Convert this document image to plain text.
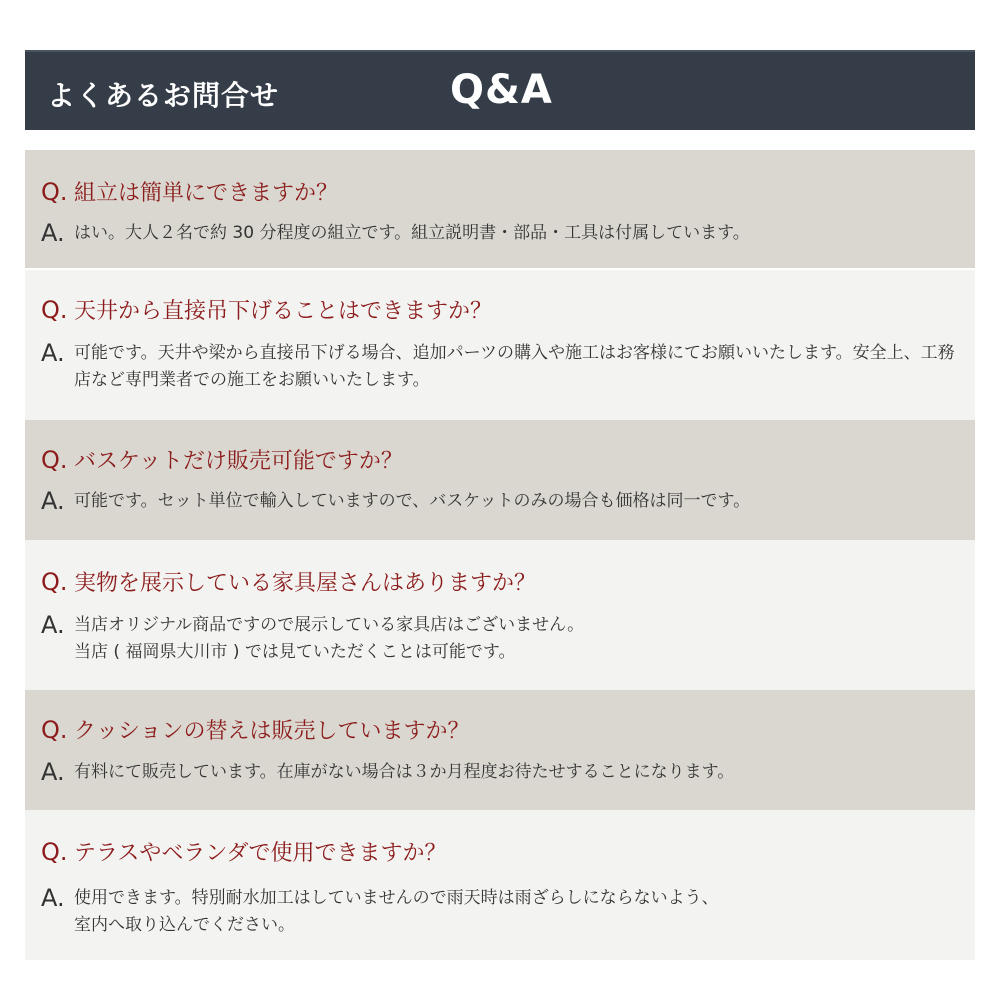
よくあるお問合せ	Q&A
Q. 組立は簡単にできますか？
A. はい。大人２名で約 30 分程度の組立です。組立説明書・部品・工具は付属しています。
Q. 天井から直接吊下げることはできますか？
A. 可能です。天井や梁から直接吊下げる場合、追加パーツの購入や施工はお客様にてお願いいたします。安全上、工務店など専門業者での施工をお願いいたします。
Q. バスケットだけ販売可能ですか？
A. 可能です。セット単位で輸入していますので、バスケットのみの場合も価格は同一です。
Q. 実物を展示している家具屋さんはありますか？
A. 当店オリジナル商品ですので展示している家具店はございません。
当店 ( 福岡県大川市 ) では見ていただくことは可能です。
Q. クッションの替えは販売していますか？
A. 有料にて販売しています。在庫がない場合は３か月程度お待たせすることになります。
Q. テラスやベランダで使用できますか？
A. 使用できます。特別耐水加工はしていませんので雨天時は雨ざらしにならないよう、
室内へ取り込んでください。
